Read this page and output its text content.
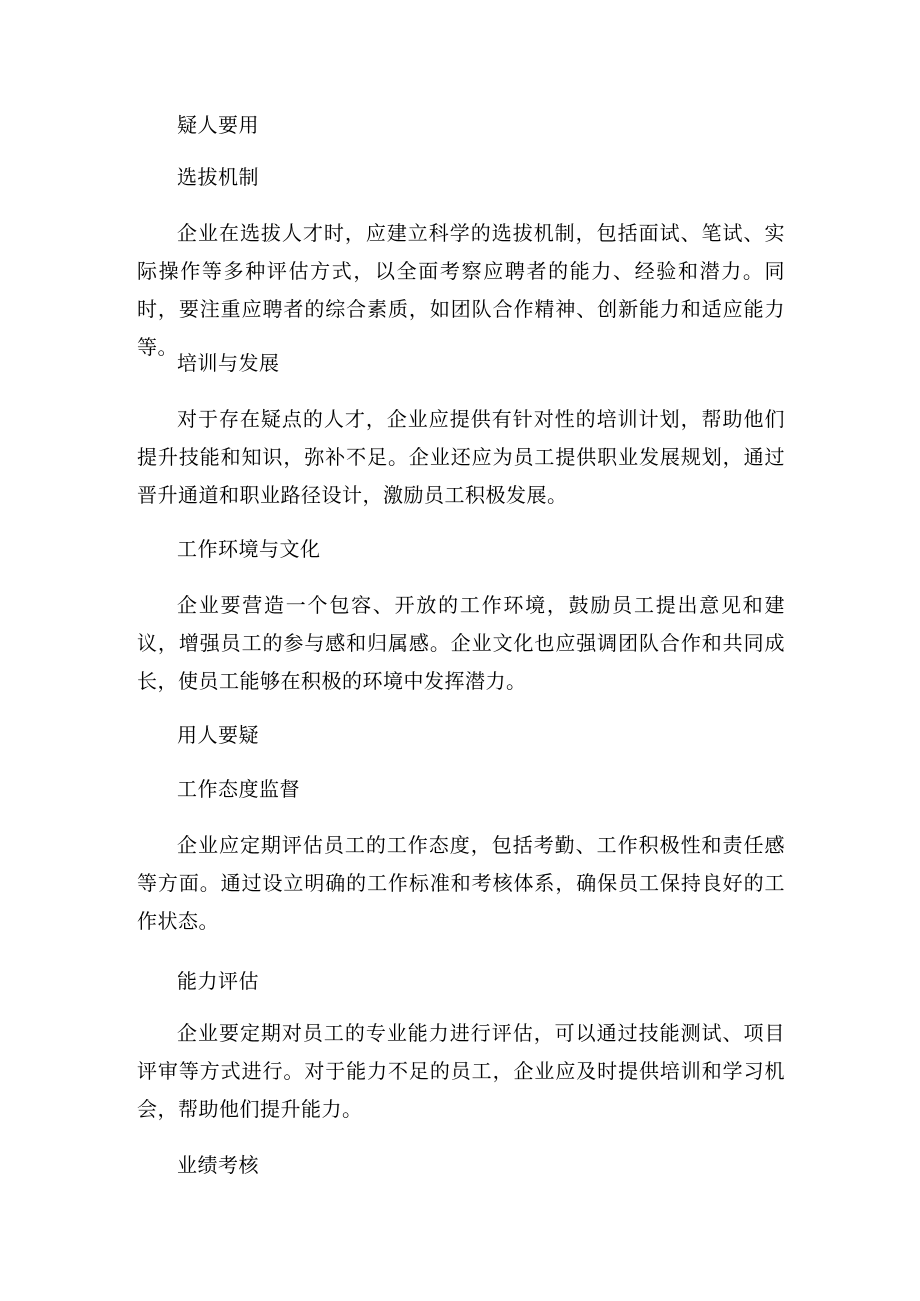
疑人要用

选拔机制

企业在选拔人才时，应建立科学的选拔机制，包括面试、笔试、实际操作等多种评估方式，以全面考察应聘者的能力、经验和潜力。同时，要注重应聘者的综合素质，如团队合作精神、创新能力和适应能力等。

培训与发展

对于存在疑点的人才，企业应提供有针对性的培训计划，帮助他们提升技能和知识，弥补不足。企业还应为员工提供职业发展规划，通过晋升通道和职业路径设计，激励员工积极发展。

工作环境与文化

企业要营造一个包容、开放的工作环境，鼓励员工提出意见和建议，增强员工的参与感和归属感。企业文化也应强调团队合作和共同成长，使员工能够在积极的环境中发挥潜力。

用人要疑

工作态度监督

企业应定期评估员工的工作态度，包括考勤、工作积极性和责任感等方面。通过设立明确的工作标准和考核体系，确保员工保持良好的工作状态。

能力评估

企业要定期对员工的专业能力进行评估，可以通过技能测试、项目评审等方式进行。对于能力不足的员工，企业应及时提供培训和学习机会，帮助他们提升能力。

业绩考核
